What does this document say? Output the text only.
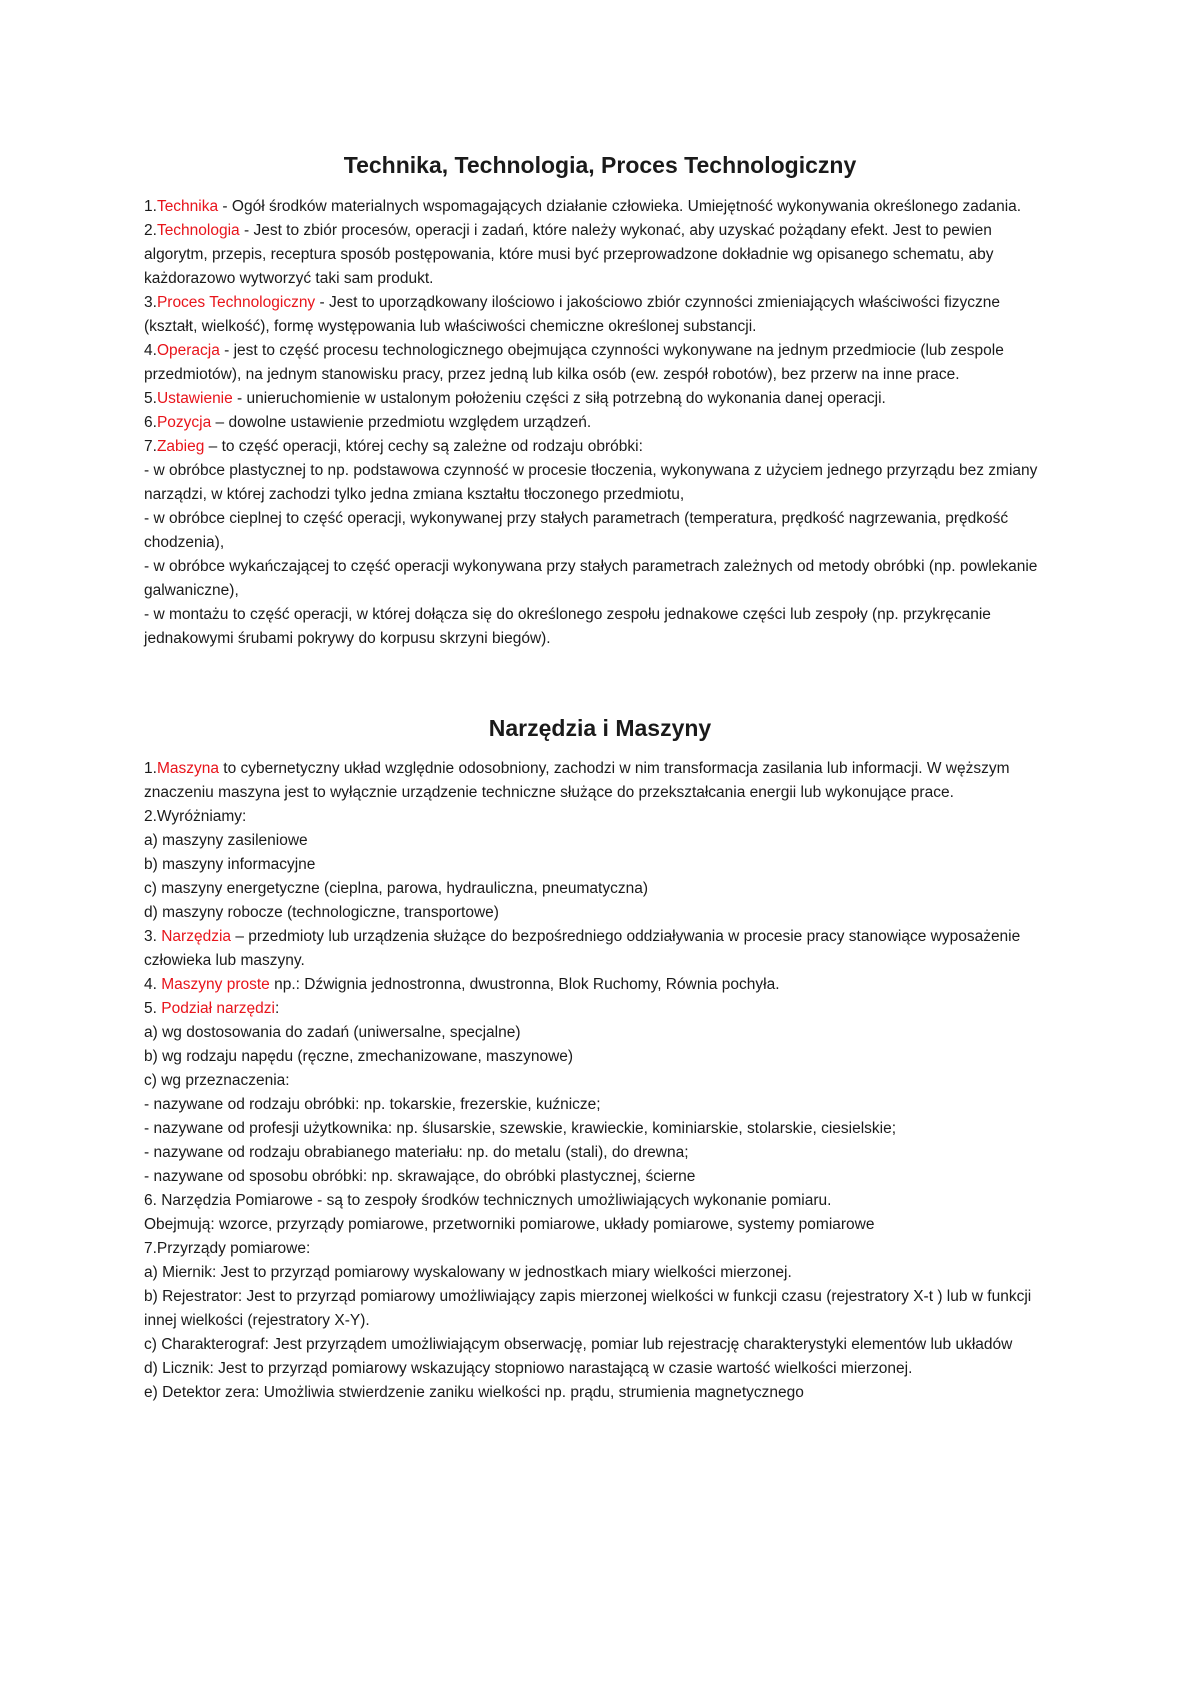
Technika, Technologia, Proces Technologiczny

1.Technika - Ogół środków materialnych wspomagających działanie człowieka. Umiejętność wykonywania określonego zadania.

2.Technologia - Jest to zbiór procesów, operacji i zadań, które należy wykonać, aby uzyskać pożądany efekt. Jest to pewien algorytm, przepis, receptura sposób postępowania, które musi być przeprowadzone dokładnie wg opisanego schematu, aby każdorazowo wytworzyć taki sam produkt.

3.Proces Technologiczny - Jest to uporządkowany ilościowo i jakościowo zbiór czynności zmieniających właściwości fizyczne (kształt, wielkość), formę występowania lub właściwości chemiczne określonej substancji.

4.Operacja - jest to część procesu technologicznego obejmująca czynności wykonywane na jednym przedmiocie (lub zespole przedmiotów), na jednym stanowisku pracy, przez jedną lub kilka osób (ew. zespół robotów), bez przerw na inne prace.

5.Ustawienie - unieruchomienie w ustalonym położeniu części z siłą potrzebną do wykonania danej operacji.

6.Pozycja – dowolne ustawienie przedmiotu względem urządzeń.

7.Zabieg – to część operacji, której cechy są zależne od rodzaju obróbki:

- w obróbce plastycznej to np. podstawowa czynność w procesie tłoczenia, wykonywana z użyciem jednego przyrządu bez zmiany narządzi, w której zachodzi tylko jedna zmiana kształtu tłoczonego przedmiotu,

- w obróbce cieplnej to część operacji, wykonywanej przy stałych parametrach (temperatura, prędkość nagrzewania, prędkość chodzenia),

- w obróbce wykańczającej to część operacji wykonywana przy stałych parametrach zależnych od metody obróbki (np. powlekanie galwaniczne),

- w montażu to część operacji, w której dołącza się do określonego zespołu jednakowe części lub zespoły (np. przykręcanie jednakowymi śrubami pokrywy do korpusu skrzyni biegów).

Narzędzia i Maszyny

1.Maszyna to cybernetyczny układ względnie odosobniony, zachodzi w nim transformacja zasilania lub informacji. W węższym znaczeniu maszyna jest to wyłącznie urządzenie techniczne służące do przekształcania energii lub wykonujące prace.

2.Wyróżniamy:

a) maszyny zasileniowe

b) maszyny informacyjne

c) maszyny energetyczne (cieplna, parowa, hydrauliczna, pneumatyczna)

d) maszyny robocze (technologiczne, transportowe)

3. Narzędzia – przedmioty lub urządzenia służące do bezpośredniego oddziaływania w procesie pracy stanowiące wyposażenie człowieka lub maszyny.

4. Maszyny proste np.: Dźwignia jednostronna, dwustronna, Blok Ruchomy, Równia pochyła.

5. Podział narzędzi:

a) wg dostosowania do zadań (uniwersalne, specjalne)

b) wg rodzaju napędu (ręczne, zmechanizowane, maszynowe)

c) wg przeznaczenia:

- nazywane od rodzaju obróbki: np. tokarskie, frezerskie, kuźnicze;

- nazywane od profesji użytkownika: np. ślusarskie, szewskie, krawieckie, kominiarskie, stolarskie, ciesielskie;

- nazywane od rodzaju obrabianego materiału: np. do metalu (stali), do drewna;

- nazywane od sposobu obróbki: np. skrawające, do obróbki plastycznej, ścierne

6. Narzędzia Pomiarowe - są to zespoły środków technicznych umożliwiających wykonanie pomiaru.

Obejmują: wzorce, przyrządy pomiarowe, przetworniki pomiarowe, układy pomiarowe, systemy pomiarowe

7.Przyrządy pomiarowe:

a) Miernik: Jest to przyrząd pomiarowy wyskalowany w jednostkach miary wielkości mierzonej.

b) Rejestrator: Jest to przyrząd pomiarowy umożliwiający zapis mierzonej wielkości w funkcji czasu (rejestratory X-t ) lub w funkcji innej wielkości (rejestratory X-Y).

c) Charakterograf: Jest przyrządem umożliwiającym obserwację, pomiar lub rejestrację charakterystyki elementów lub układów

d) Licznik: Jest to przyrząd pomiarowy wskazujący stopniowo narastającą w czasie wartość wielkości mierzonej.

e) Detektor zera: Umożliwia stwierdzenie zaniku wielkości np. prądu, strumienia magnetycznego
